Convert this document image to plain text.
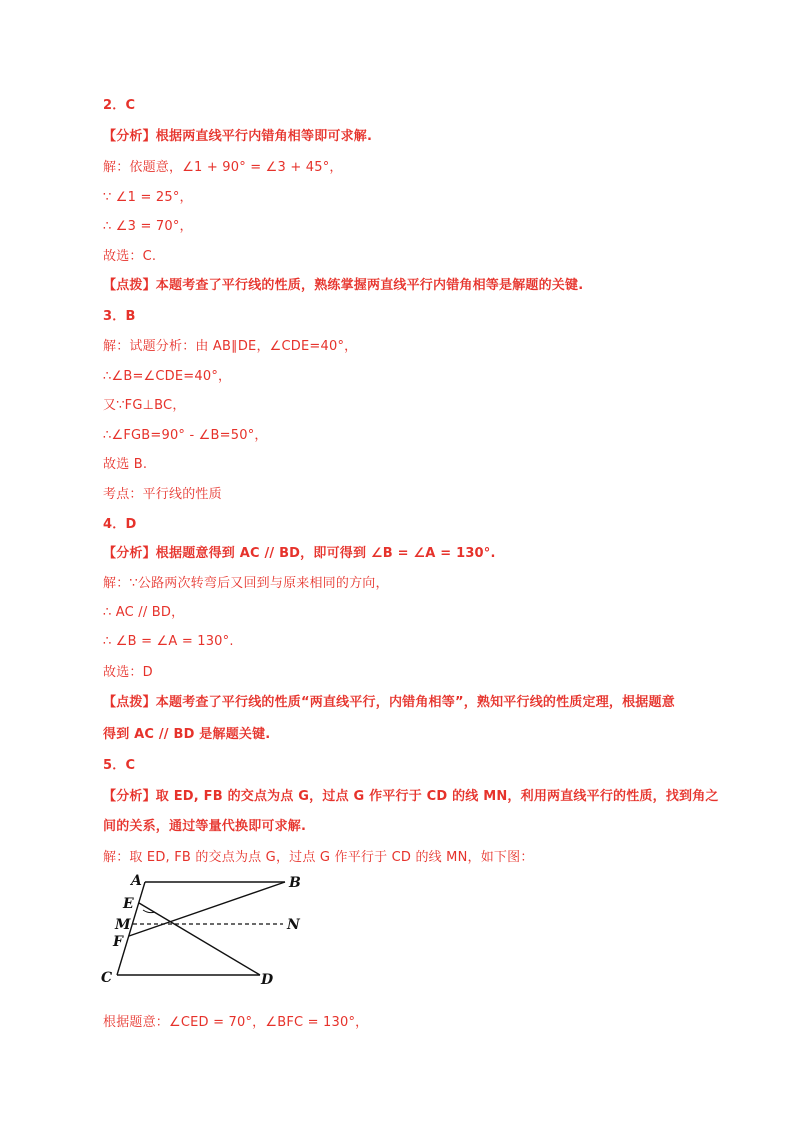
2．C
【分析】根据两直线平行内错角相等即可求解.
解：依题意，∠1 + 90° = ∠3 + 45°，
∵ ∠1 = 25°，
∴ ∠3 = 70°，
故选：C.
【点拨】本题考查了平行线的性质，熟练掌握两直线平行内错角相等是解题的关键.
3．B
解：试题分析：由 AB∥DE，∠CDE=40°，
∴∠B=∠CDE=40°，
又∵FG⊥BC，
∴∠FGB=90° - ∠B=50°，
故选 B.
考点：平行线的性质
4．D
【分析】根据题意得到 AC // BD，即可得到 ∠B = ∠A = 130°.
解：∵公路两次转弯后又回到与原来相同的方向，
∴ AC // BD，
∴ ∠B = ∠A = 130°.
故选：D
【点拨】本题考查了平行线的性质“两直线平行，内错角相等”，熟知平行线的性质定理，根据题意
得到 AC // BD 是解题关键.
5．C
【分析】取 ED, FB 的交点为点 G，过点 G 作平行于 CD 的线 MN，利用两直线平行的性质，找到角之
间的关系，通过等量代换即可求解.
解：取 ED, FB 的交点为点 G，过点 G 作平行于 CD 的线 MN，如下图：
A	B
E
M	N
F
C	D
根据题意：∠CED = 70°，∠BFC = 130°，
